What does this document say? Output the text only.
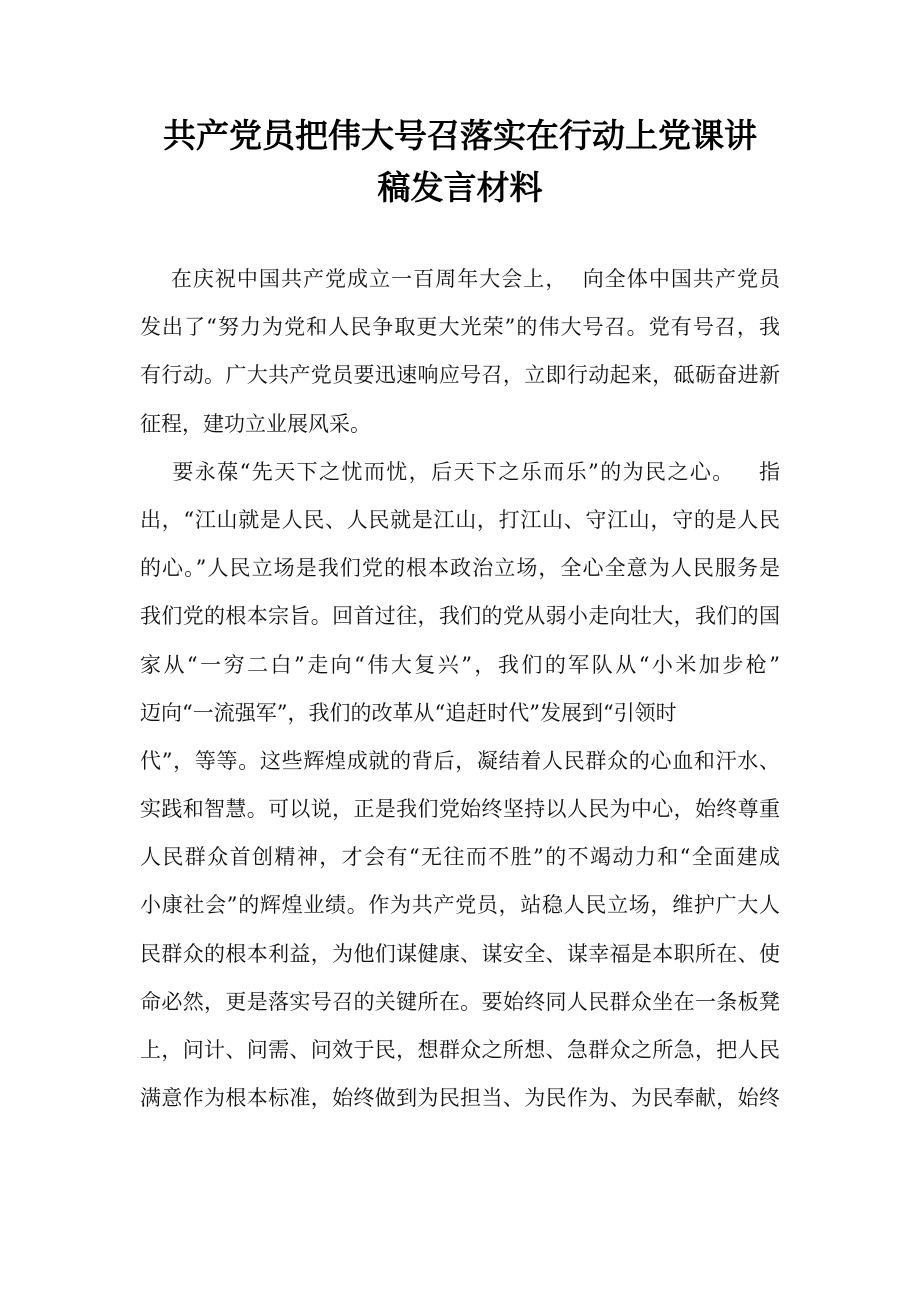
共产党员把伟大号召落实在行动上党课讲
稿发言材料
在庆祝中国共产党成立一百周年大会上，  向全体中国共产党员
发出了“努力为党和人民争取更大光荣”的伟大号召。党有号召，我
有行动。广大共产党员要迅速响应号召，立即行动起来，砥砺奋进新
征程，建功立业展风采。
要永葆“先天下之忧而忧，后天下之乐而乐”的为民之心。   指
出，“江山就是人民、人民就是江山，打江山、守江山，守的是人民
的心。”人民立场是我们党的根本政治立场，全心全意为人民服务是
我们党的根本宗旨。回首过往，我们的党从弱小走向壮大，我们的国
家从“一穷二白”走向“伟大复兴”，我们的军队从“小米加步枪”
迈向“一流强军”，我们的改革从“追赶时代”发展到“引领时
代”，等等。这些辉煌成就的背后，凝结着人民群众的心血和汗水、
实践和智慧。可以说，正是我们党始终坚持以人民为中心，始终尊重
人民群众首创精神，才会有“无往而不胜”的不竭动力和“全面建成
小康社会”的辉煌业绩。作为共产党员，站稳人民立场，维护广大人
民群众的根本利益，为他们谋健康、谋安全、谋幸福是本职所在、使
命必然，更是落实号召的关键所在。要始终同人民群众坐在一条板凳
上，问计、问需、问效于民，想群众之所想、急群众之所急，把人民
满意作为根本标准，始终做到为民担当、为民作为、为民奉献，始终
